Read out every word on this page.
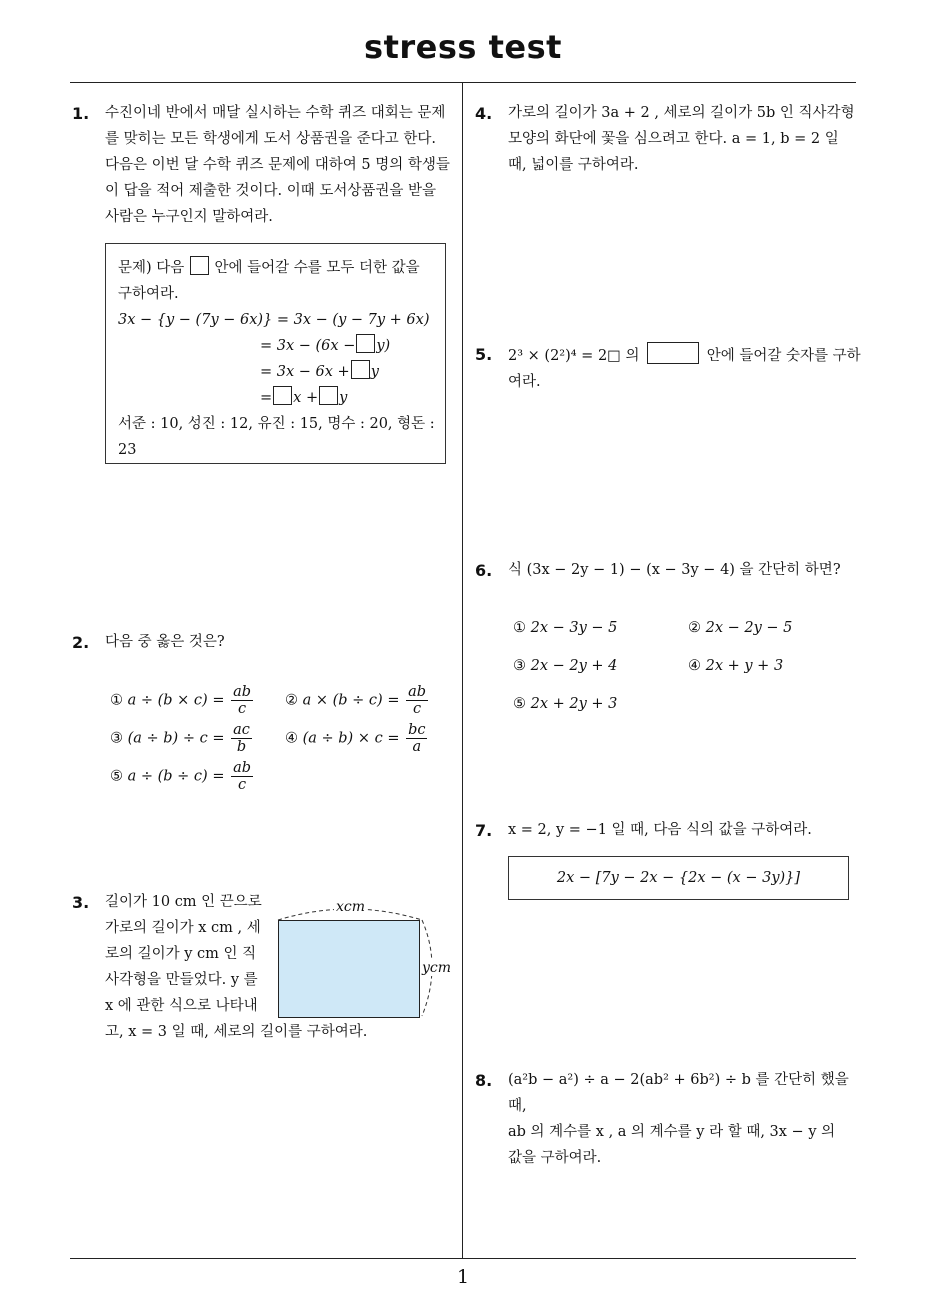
stress test
1. 수진이네 반에서 매달 실시하는 수학 퀴즈 대회는 문제
를 맞히는 모든 학생에게 도서 상품권을 준다고 한다.
다음은 이번 달 수학 퀴즈 문제에 대하여 5 명의 학생들
이 답을 적어 제출한 것이다. 이때 도서상품권을 받을
사람은 누구인지 말하여라.
문제) 다음 안에 들어갈 수를 모두 더한 값을
구하여라.
3x − {y − (7y − 6x)} = 3x − (y − 7y + 6x)
= 3x − (6x − y)
= 3x − 6x + y
= x + y
서준 : 10, 성진 : 12, 유진 : 15, 명수 : 20, 형돈 :
23
2. 다음 중 옳은 것은?
① $a \div (b \times c) = \frac{ab}{c}$ ② $a \times (b \div c) = \frac{ab}{c}$
③ $(a \div b) \div c = \frac{ac}{b}$ ④ $(a \div b) \times c = \frac{bc}{a}$
⑤ $a \div (b \div c) = \frac{ab}{c}$
3. 길이가 10 cm 인 끈으로
가로의 길이가 x cm , 세
로의 길이가 y cm 인 직
사각형을 만들었다. y 를
x 에 관한 식으로 나타내
고, x = 3 일 때, 세로의 길이를 구하여라.
xcm
ycm
4. 가로의 길이가 3a + 2 , 세로의 길이가 5b 인 직사각형
모양의 화단에 꽃을 심으려고 한다. a = 1, b = 2 일
때, 넓이를 구하여라.
5. 2³ × (2²)⁴ = 2□ 의	안에 들어갈 숫자를 구하
여라.
6. 식 (3x − 2y − 1) − (x − 3y − 4) 을 간단히 하면?
① 2x − 3y − 5	② 2x − 2y − 5
③ 2x − 2y + 4	④ 2x + y + 3
⑤ 2x + 2y + 3
7. x = 2, y = −1 일 때, 다음 식의 값을 구하여라.
2x − [7y − 2x − {2x − (x − 3y)}]
8. (a²b − a²) ÷ a − 2(ab² + 6b²) ÷ b 를 간단히 했을 때,
ab 의 계수를 x , a 의 계수를 y 라 할 때, 3x − y 의
값을 구하여라.
1
